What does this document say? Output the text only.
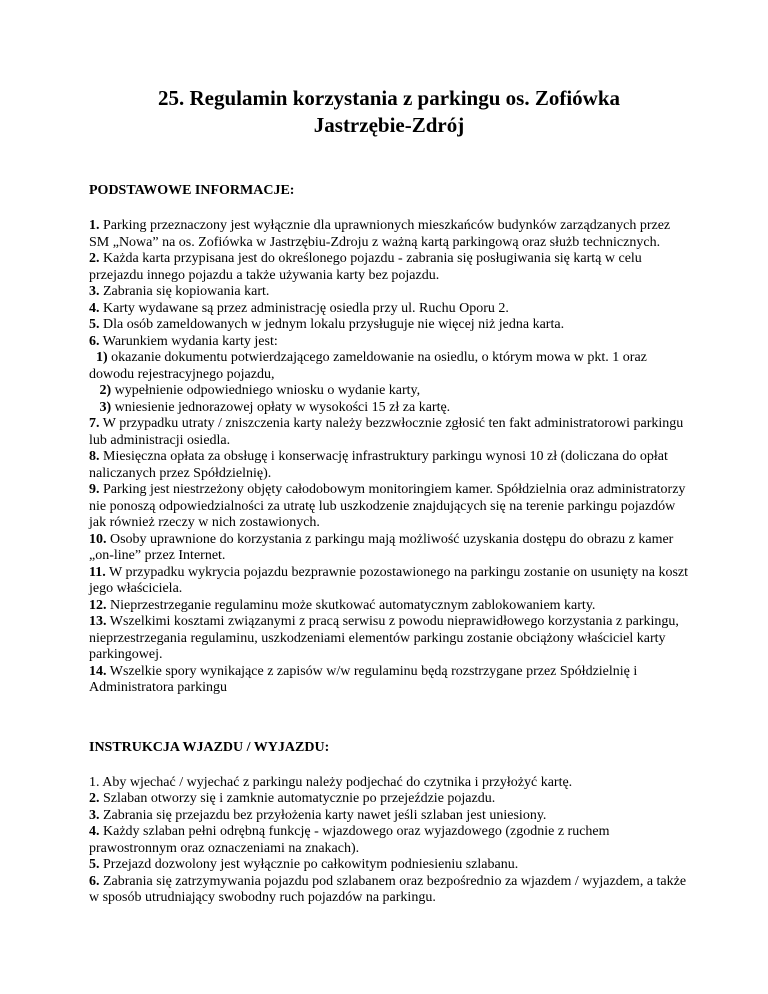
25. Regulamin korzystania z parkingu os. Zofiówka
Jastrzębie-Zdrój
PODSTAWOWE INFORMACJE:
1. Parking przeznaczony jest wyłącznie dla uprawnionych mieszkańców budynków zarządzanych przez SM „Nowa” na os. Zofiówka w Jastrzębiu-Zdroju z ważną kartą parkingową oraz służb technicznych.
2. Każda karta przypisana jest do określonego pojazdu - zabrania się posługiwania się kartą w celu przejazdu innego pojazdu a także używania karty bez pojazdu.
3. Zabrania się kopiowania kart.
4. Karty wydawane są przez administrację osiedla przy ul. Ruchu Oporu 2.
5. Dla osób zameldowanych w jednym lokalu przysługuje nie więcej niż jedna karta.
6. Warunkiem wydania karty jest:
1) okazanie dokumentu potwierdzającego zameldowanie na osiedlu, o którym mowa w pkt. 1 oraz dowodu rejestracyjnego pojazdu,
2) wypełnienie odpowiedniego wniosku o wydanie karty,
3) wniesienie jednorazowej opłaty w wysokości 15 zł za kartę.
7. W przypadku utraty / zniszczenia karty należy bezzwłocznie zgłosić ten fakt administratorowi parkingu lub administracji osiedla.
8. Miesięczna opłata za obsługę i konserwację infrastruktury parkingu wynosi 10 zł (doliczana do opłat naliczanych przez Spółdzielnię).
9. Parking jest niestrzeżony objęty całodobowym monitoringiem kamer. Spółdzielnia oraz administratorzy nie ponoszą odpowiedzialności za utratę lub uszkodzenie znajdujących się na terenie parkingu pojazdów jak również rzeczy w nich zostawionych.
10. Osoby uprawnione do korzystania z parkingu mają możliwość uzyskania dostępu do obrazu z kamer „on-line” przez Internet.
11. W przypadku wykrycia pojazdu bezprawnie pozostawionego na parkingu zostanie on usunięty na koszt jego właściciela.
12. Nieprzestrzeganie regulaminu może skutkować automatycznym zablokowaniem karty.
13. Wszelkimi kosztami związanymi z pracą serwisu z powodu nieprawidłowego korzystania z parkingu, nieprzestrzegania regulaminu, uszkodzeniami elementów parkingu zostanie obciążony właściciel karty parkingowej.
14. Wszelkie spory wynikające z zapisów w/w regulaminu będą rozstrzygane przez Spółdzielnię i Administratora parkingu
INSTRUKCJA WJAZDU / WYJAZDU:
1. Aby wjechać / wyjechać z parkingu należy podjechać do czytnika i przyłożyć kartę.
2. Szlaban otworzy się i zamknie automatycznie po przejeździe pojazdu.
3. Zabrania się przejazdu bez przyłożenia karty nawet jeśli szlaban jest uniesiony.
4. Każdy szlaban pełni odrębną funkcję - wjazdowego oraz wyjazdowego (zgodnie z ruchem prawostronnym oraz oznaczeniami na znakach).
5. Przejazd dozwolony jest wyłącznie po całkowitym podniesieniu szlabanu.
6. Zabrania się zatrzymywania pojazdu pod szlabanem oraz bezpośrednio za wjazdem / wyjazdem, a także w sposób utrudniający swobodny ruch pojazdów na parkingu.
